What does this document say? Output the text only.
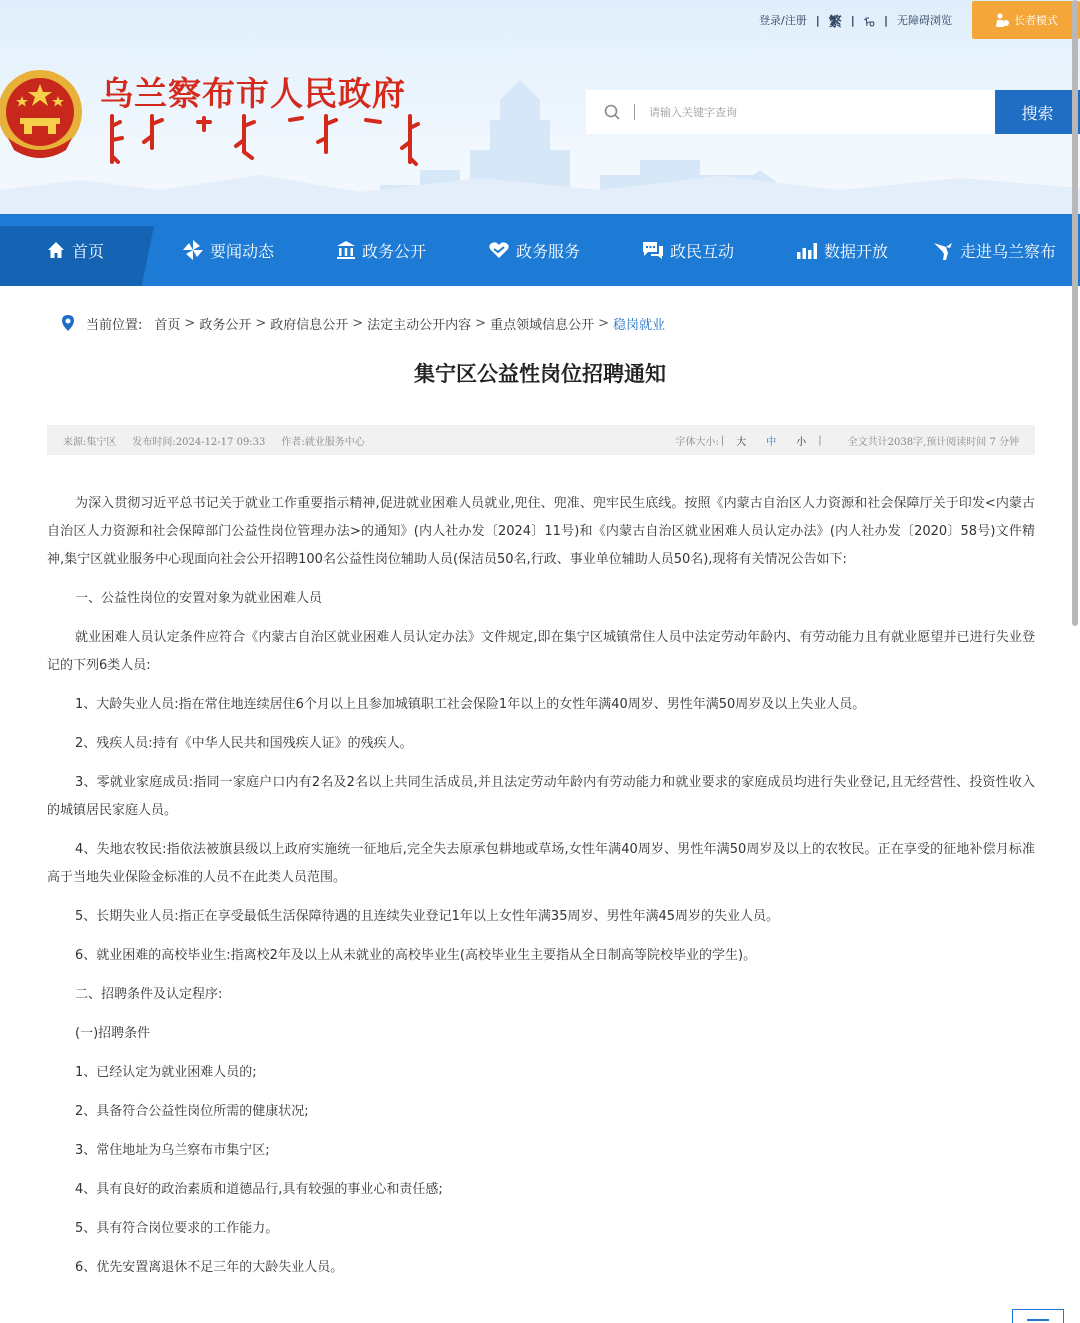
登录/注册 | 繁 | ᠮᠣ | 无障碍浏览	长者模式
乌兰察布市人民政府
请输入关键字查询	搜索
首页	要闻动态	政务公开	政务服务	政民互动	数据开放	走进乌兰察布
当前位置: 首页 > 政务公开 > 政府信息公开 > 法定主动公开内容 > 重点领域信息公开 > 稳岗就业
集宁区公益性岗位招聘通知
来源:集宁区 发布时间:2024-12-17 09:33 作者:就业服务中心	字体大小: | 大 中 小 |	全文共计2038字,预计阅读时间 7 分钟

为深入贯彻习近平总书记关于就业工作重要指示精神,促进就业困难人员就业,兜住、兜准、兜牢民生底线。按照《内蒙古自治区人力资源和社会保障厅关于印发<内蒙古自治区人力资源和社会保障部门公益性岗位管理办法>的通知》(内人社办发〔2024〕11号)和《内蒙古自治区就业困难人员认定办法》(内人社办发〔2020〕58号)文件精神,集宁区就业服务中心现面向社会公开招聘100名公益性岗位辅助人员(保洁员50名,行政、事业单位辅助人员50名),现将有关情况公告如下:

一、公益性岗位的安置对象为就业困难人员

就业困难人员认定条件应符合《内蒙古自治区就业困难人员认定办法》文件规定,即在集宁区城镇常住人员中法定劳动年龄内、有劳动能力且有就业愿望并已进行失业登记的下列6类人员:

1、大龄失业人员:指在常住地连续居住6个月以上且参加城镇职工社会保险1年以上的女性年满40周岁、男性年满50周岁及以上失业人员。

2、残疾人员:持有《中华人民共和国残疾人证》的残疾人。

3、零就业家庭成员:指同一家庭户口内有2名及2名以上共同生活成员,并且法定劳动年龄内有劳动能力和就业要求的家庭成员均进行失业登记,且无经营性、投资性收入的城镇居民家庭人员。

4、失地农牧民:指依法被旗县级以上政府实施统一征地后,完全失去原承包耕地或草场,女性年满40周岁、男性年满50周岁及以上的农牧民。正在享受的征地补偿月标准高于当地失业保险金标准的人员不在此类人员范围。

5、长期失业人员:指正在享受最低生活保障待遇的且连续失业登记1年以上女性年满35周岁、男性年满45周岁的失业人员。

6、就业困难的高校毕业生:指离校2年及以上从未就业的高校毕业生(高校毕业生主要指从全日制高等院校毕业的学生)。

二、招聘条件及认定程序:

(一)招聘条件

1、已经认定为就业困难人员的;

2、具备符合公益性岗位所需的健康状况;

3、常住地址为乌兰察布市集宁区;

4、具有良好的政治素质和道德品行,具有较强的事业心和责任感;

5、具有符合岗位要求的工作能力。

6、优先安置离退休不足三年的大龄失业人员。
